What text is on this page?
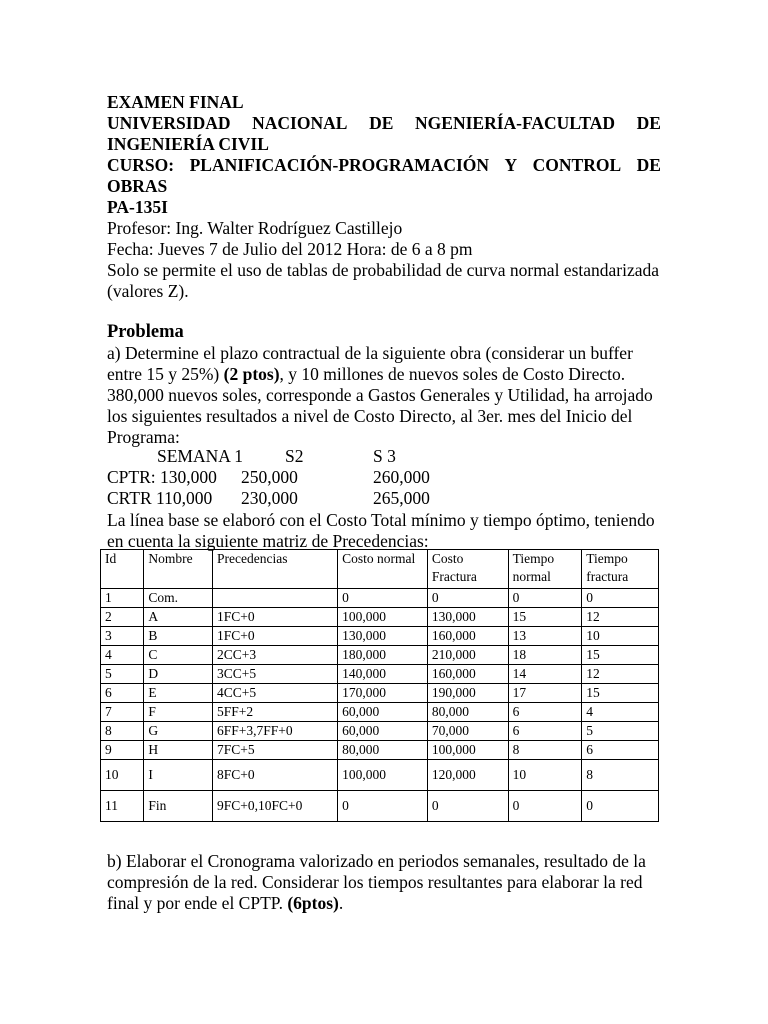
EXAMEN FINAL
UNIVERSIDAD NACIONAL DE NGENIERÍA-FACULTAD DE
INGENIERÍA CIVIL
CURSO: PLANIFICACIÓN-PROGRAMACIÓN Y CONTROL DE
OBRAS
PA-135I
Profesor: Ing. Walter Rodríguez Castillejo
Fecha: Jueves 7 de Julio del 2012 Hora: de 6 a 8 pm
Solo se permite el uso de tablas de probabilidad de curva normal estandarizada
(valores Z).
Problema
a) Determine el plazo contractual de la siguiente obra (considerar un buffer
entre 15 y 25%) (2 ptos), y 10 millones de nuevos soles de Costo Directo.
380,000 nuevos soles, corresponde a Gastos Generales y Utilidad, ha arrojado
los siguientes resultados a nivel de Costo Directo, al 3er. mes del Inicio del
Programa:
SEMANA 1 S2	S 3
CPTR: 130,000 250,000	260,000
CRTR 110,000 230,000	265,000
La línea base se elaboró con el Costo Total mínimo y tiempo óptimo, teniendo
en cuenta la siguiente matriz de Precedencias:
Id	Nombre	Precedencias	Costo normal	Costo Fractura	Tiempo normal	Tiempo fractura
1	Com.		0	0	0	0
2	A	1FC+0	100,000	130,000	15	12
3	B	1FC+0	130,000	160,000	13	10
4	C	2CC+3	180,000	210,000	18	15
5	D	3CC+5	140,000	160,000	14	12
6	E	4CC+5	170,000	190,000	17	15
7	F	5FF+2	60,000	80,000	6	4
8	G	6FF+3,7FF+0	60,000	70,000	6	5
9	H	7FC+5	80,000	100,000	8	6
10	I	8FC+0	100,000	120,000	10	8
11	Fin	9FC+0,10FC+0	0	0	0	0
b) Elaborar el Cronograma valorizado en periodos semanales, resultado de la
compresión de la red. Considerar los tiempos resultantes para elaborar la red
final y por ende el CPTP. (6ptos).
